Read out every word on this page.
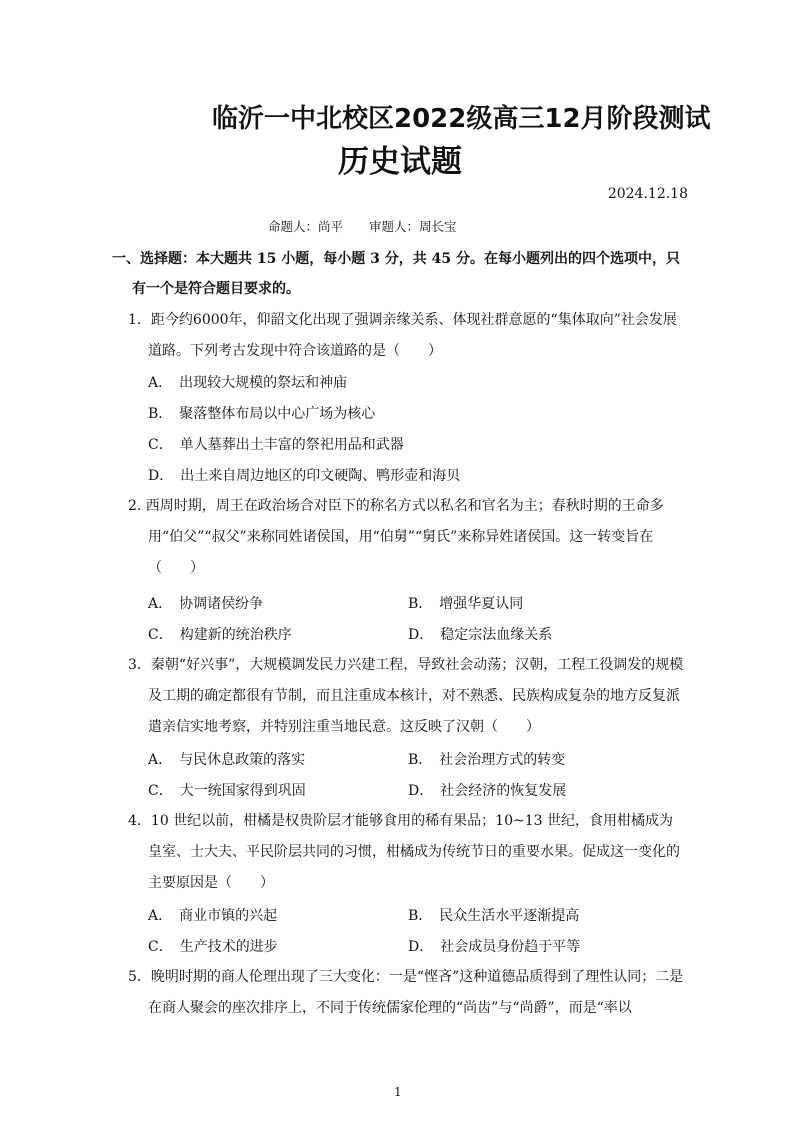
临沂一中北校区2022级高三12月阶段测试
历史试题
2024.12.18
命题人：尚平 审题人：周长宝
一、选择题：本大题共 15 小题，每小题 3 分，共 45 分。在每小题列出的四个选项中，只
有一个是符合题目要求的。
1．距今约6000年，仰韶文化出现了强调亲缘关系、体现社群意愿的“集体取向”社会发展道路。下列考古发现中符合该道路的是（　　）
A．　出现较大规模的祭坛和神庙
B．　聚落整体布局以中心广场为核心
C．　单人墓葬出土丰富的祭祀用品和武器
D．　出土来自周边地区的印文硬陶、鸭形壶和海贝
2. 西周时期，周王在政治场合对臣下的称名方式以私名和官名为主；春秋时期的王命多用“伯父”“叔父”来称同姓诸侯国，用“伯舅”“舅氏”来称异姓诸侯国。这一转变旨在（　　）
A．　协调诸侯纷争	B．　增强华夏认同
C．　构建新的统治秩序	D．　稳定宗法血缘关系
3．秦朝“好兴事”，大规模调发民力兴建工程，导致社会动荡；汉朝，工程工役调发的规模及工期的确定都很有节制，而且注重成本核计，对不熟悉、民族构成复杂的地方反复派遣亲信实地考察，并特别注重当地民意。这反映了汉朝（　　）
A．　与民休息政策的落实	B．　社会治理方式的转变
C．　大一统国家得到巩固	D．　社会经济的恢复发展
4．10 世纪以前，柑橘是权贵阶层才能够食用的稀有果品；10~13 世纪，食用柑橘成为皇室、士大夫、平民阶层共同的习惯，柑橘成为传统节日的重要水果。促成这一变化的主要原因是（　　）
A．　商业市镇的兴起	B．　民众生活水平逐渐提高
C．　生产技术的进步	D．　社会成员身份趋于平等
5．晚明时期的商人伦理出现了三大变化：一是“悭吝”这种道德品质得到了理性认同；二是在商人聚会的座次排序上，不同于传统儒家伦理的“尚齿”与“尚爵”，而是“率以
1
